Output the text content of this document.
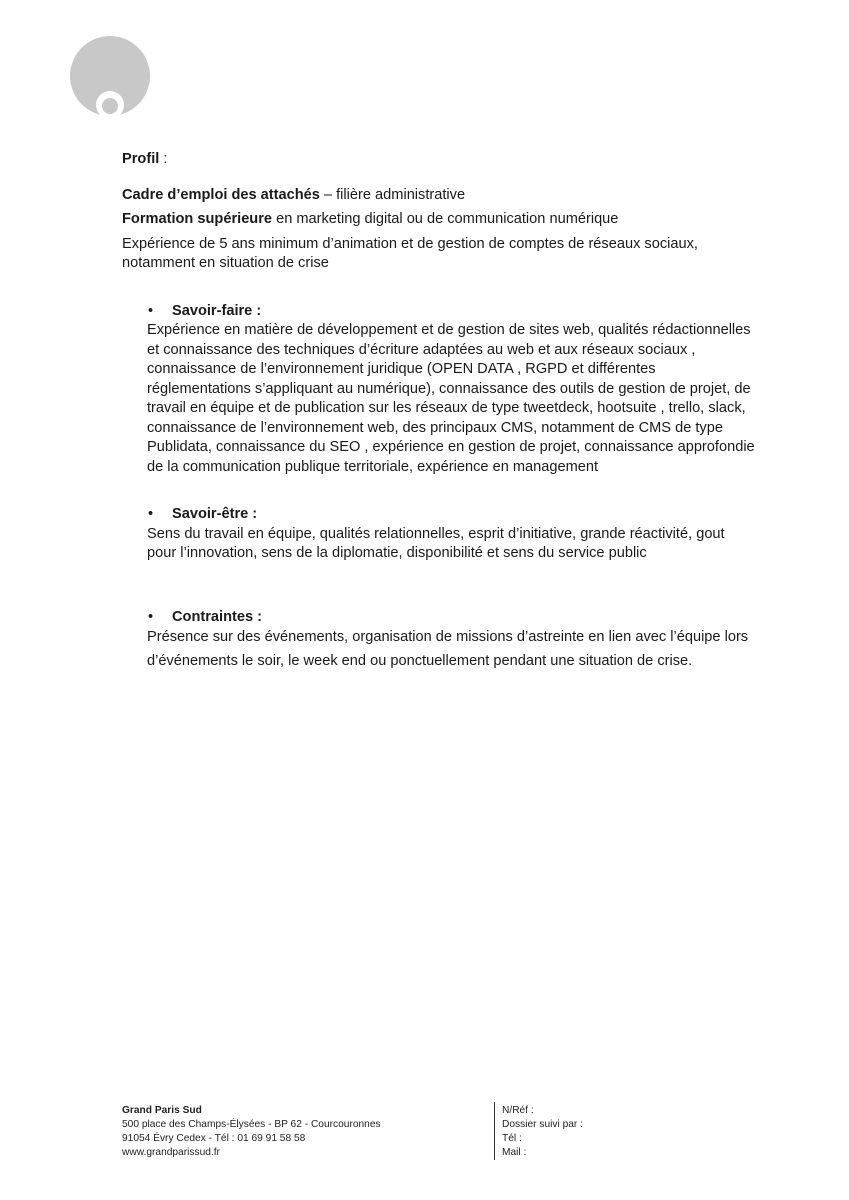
Profil :

Cadre d’emploi des attachés – filière administrative

Formation supérieure en marketing digital ou de communication numérique

Expérience de 5 ans minimum d’animation et de gestion de comptes de réseaux sociaux,

notamment en situation de crise

• Savoir-faire :

Expérience en matière de développement et de gestion de sites web, qualités rédactionnelles

et connaissance des techniques d’écriture adaptées au web et aux réseaux sociaux ,

connaissance de l’environnement juridique (OPEN DATA , RGPD et différentes

réglementations s’appliquant au numérique), connaissance des outils de gestion de projet, de

travail en équipe et de publication sur les réseaux de type tweetdeck, hootsuite , trello, slack,

connaissance de l’environnement web, des principaux CMS, notamment de CMS de type

Publidata, connaissance du SEO , expérience en gestion de projet, connaissance approfondie

de la communication publique territoriale, expérience en management

• Savoir-être :

Sens du travail en équipe, qualités relationnelles, esprit d’initiative, grande réactivité, gout

pour l’innovation, sens de la diplomatie, disponibilité et sens du service public

• Contraintes :

Présence sur des événements, organisation de missions d’astreinte en lien avec l’équipe lors

d’événements le soir, le week end ou ponctuellement pendant une situation de crise.

Grand Paris Sud
500 place des Champs-Élysées - BP 62 - Courcouronnes
91054 Évry Cedex - Tél : 01 69 91 58 58
www.grandparissud.fr
N/Réf :
Dossier suivi par :
Tél :
Mail :
